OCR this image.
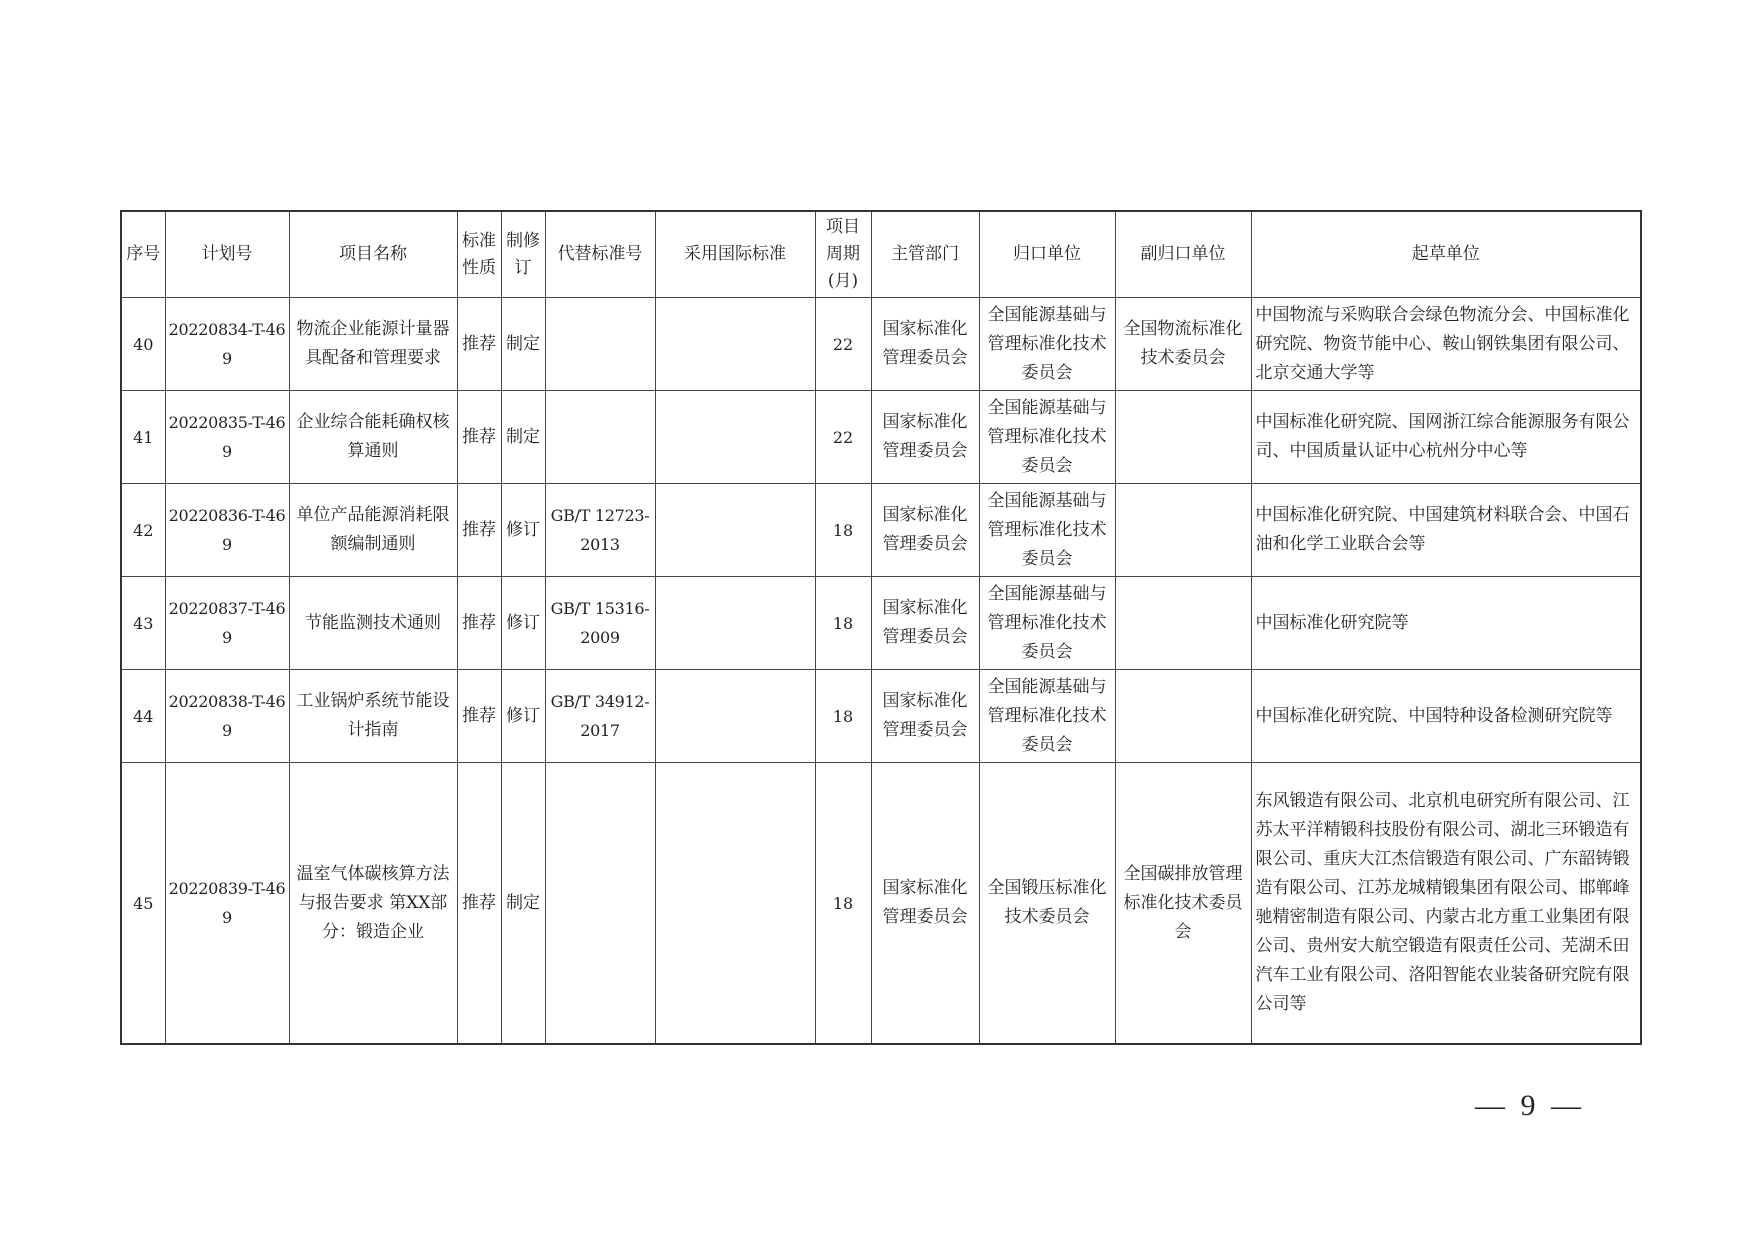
序号	计划号	项目名称	标准性质	制修订	代替标准号	采用国际标准	项目周期(月)	主管部门	归口单位	副归口单位	起草单位
40	20220834-T-469	物流企业能源计量器具配备和管理要求	推荐	制定			22	国家标准化管理委员会	全国能源基础与管理标准化技术委员会	全国物流标准化技术委员会	中国物流与采购联合会绿色物流分会、中国标准化研究院、物资节能中心、鞍山钢铁集团有限公司、北京交通大学等
41	20220835-T-469	企业综合能耗确权核算通则	推荐	制定			22	国家标准化管理委员会	全国能源基础与管理标准化技术委员会		中国标准化研究院、国网浙江综合能源服务有限公司、中国质量认证中心杭州分中心等
42	20220836-T-469	单位产品能源消耗限额编制通则	推荐	修订	GB/T 12723-2013		18	国家标准化管理委员会	全国能源基础与管理标准化技术委员会		中国标准化研究院、中国建筑材料联合会、中国石油和化学工业联合会等
43	20220837-T-469	节能监测技术通则	推荐	修订	GB/T 15316-2009		18	国家标准化管理委员会	全国能源基础与管理标准化技术委员会		中国标准化研究院等
44	20220838-T-469	工业锅炉系统节能设计指南	推荐	修订	GB/T 34912-2017		18	国家标准化管理委员会	全国能源基础与管理标准化技术委员会		中国标准化研究院、中国特种设备检测研究院等
45	20220839-T-469	温室气体碳核算方法与报告要求 第XX部分：锻造企业	推荐	制定			18	国家标准化管理委员会	全国锻压标准化技术委员会	全国碳排放管理标准化技术委员会	东风锻造有限公司、北京机电研究所有限公司、江苏太平洋精锻科技股份有限公司、湖北三环锻造有限公司、重庆大江杰信锻造有限公司、广东韶铸锻造有限公司、江苏龙城精锻集团有限公司、邯郸峰驰精密制造有限公司、内蒙古北方重工业集团有限公司、贵州安大航空锻造有限责任公司、芜湖禾田汽车工业有限公司、洛阳智能农业装备研究院有限公司等
— 9 —
